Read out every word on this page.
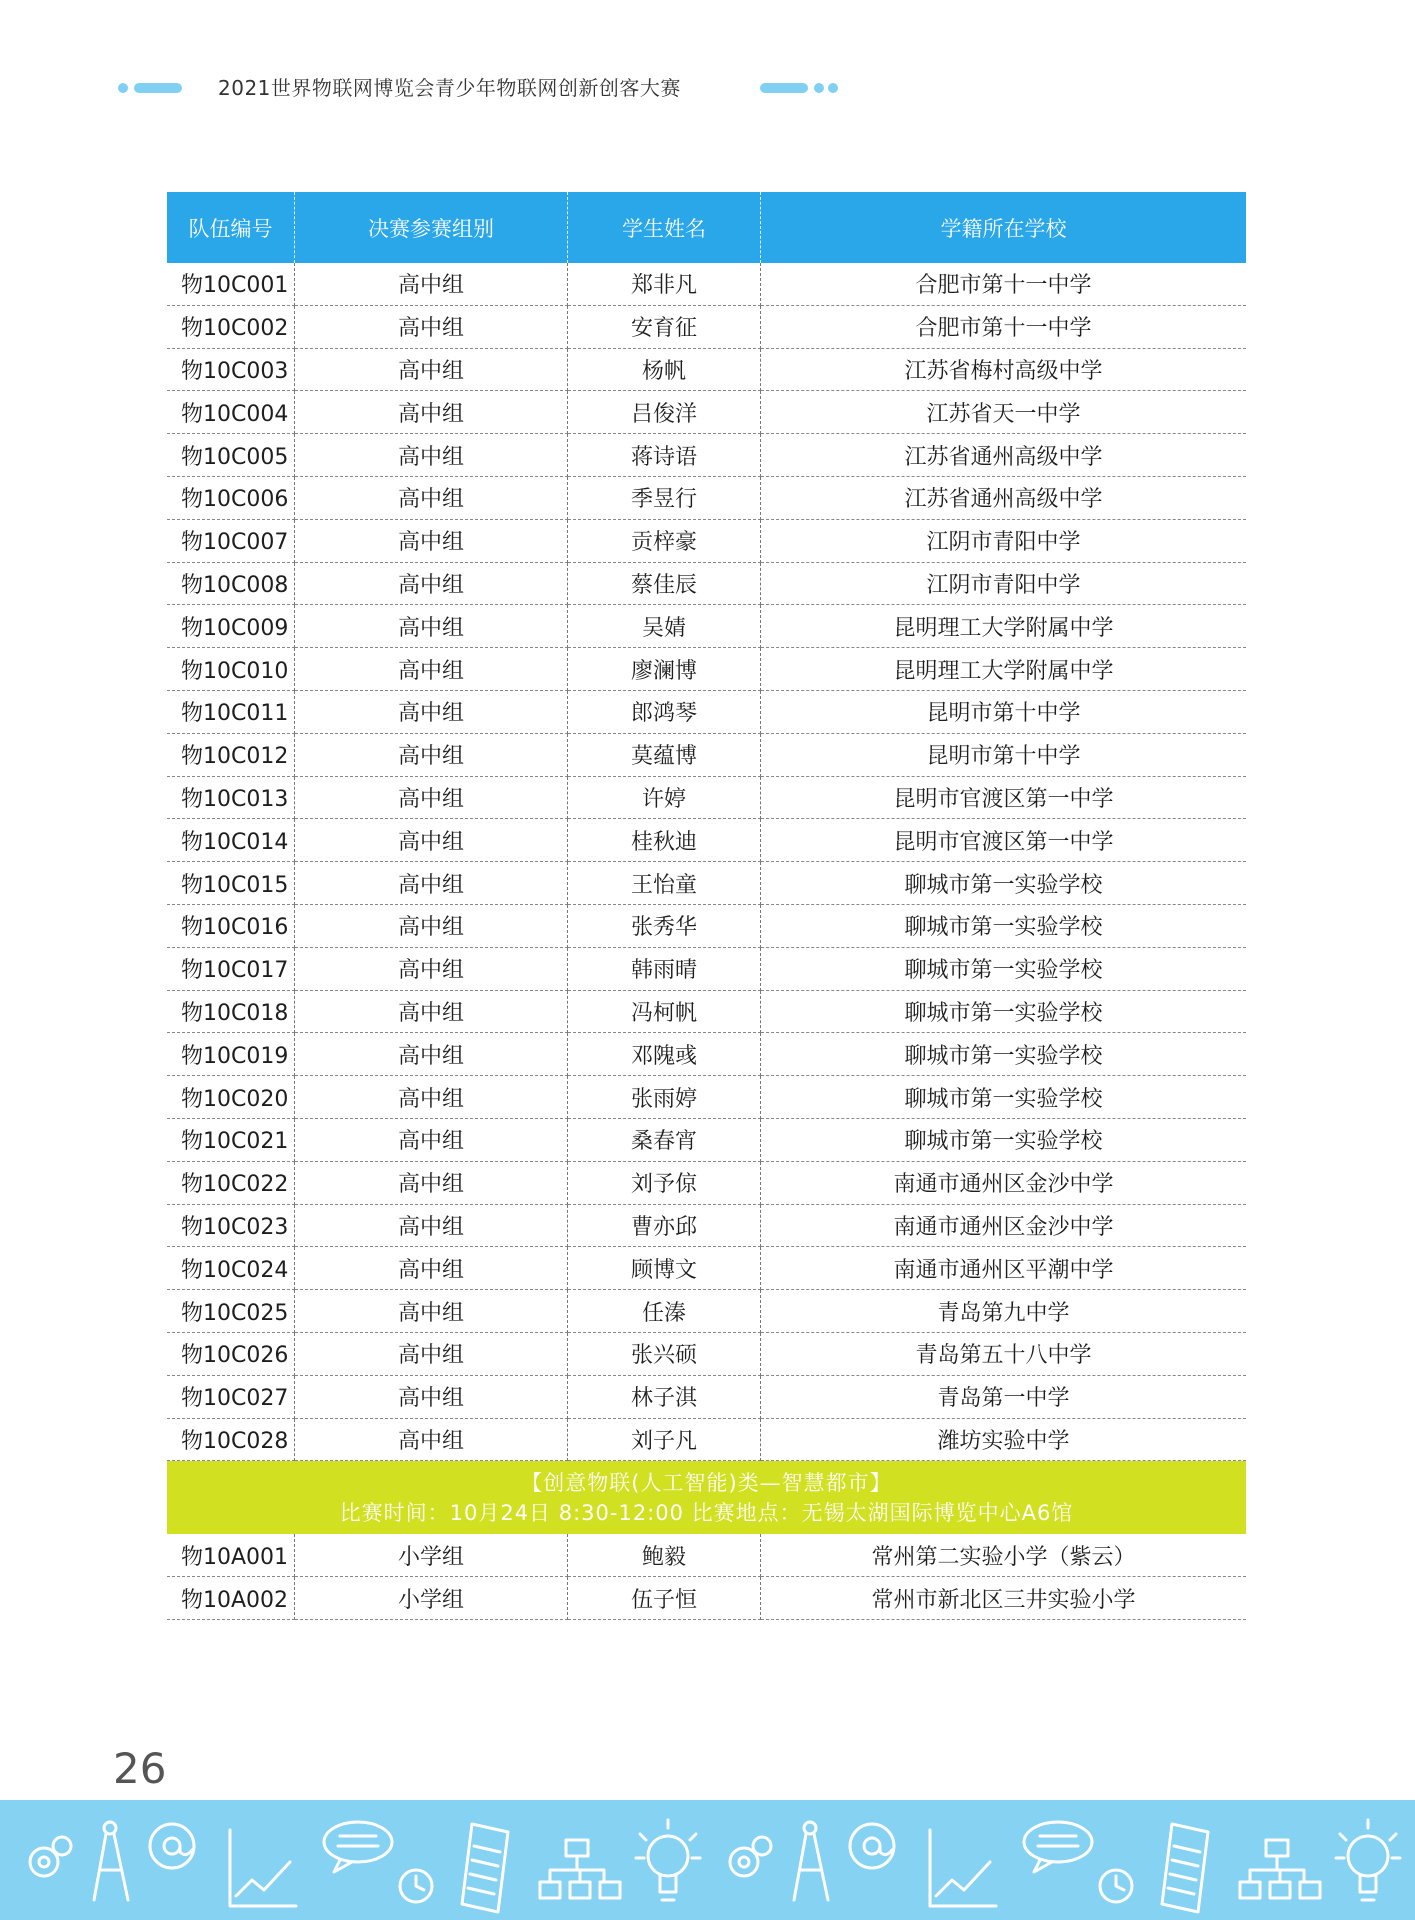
2021世界物联网博览会青少年物联网创新创客大赛
队伍编号	决赛参赛组别	学生姓名	学籍所在学校
物10C001	高中组	郑非凡	合肥市第十一中学
物10C002	高中组	安育征	合肥市第十一中学
物10C003	高中组	杨帆	江苏省梅村高级中学
物10C004	高中组	吕俊洋	江苏省天一中学
物10C005	高中组	蒋诗语	江苏省通州高级中学
物10C006	高中组	季昱行	江苏省通州高级中学
物10C007	高中组	贡梓豪	江阴市青阳中学
物10C008	高中组	蔡佳辰	江阴市青阳中学
物10C009	高中组	吴婧	昆明理工大学附属中学
物10C010	高中组	廖澜博	昆明理工大学附属中学
物10C011	高中组	郎鸿琴	昆明市第十中学
物10C012	高中组	莫蕴博	昆明市第十中学
物10C013	高中组	许婷	昆明市官渡区第一中学
物10C014	高中组	桂秋迪	昆明市官渡区第一中学
物10C015	高中组	王怡童	聊城市第一实验学校
物10C016	高中组	张秀华	聊城市第一实验学校
物10C017	高中组	韩雨晴	聊城市第一实验学校
物10C018	高中组	冯柯帆	聊城市第一实验学校
物10C019	高中组	邓隗彧	聊城市第一实验学校
物10C020	高中组	张雨婷	聊城市第一实验学校
物10C021	高中组	桑春宵	聊城市第一实验学校
物10C022	高中组	刘予倞	南通市通州区金沙中学
物10C023	高中组	曹亦邱	南通市通州区金沙中学
物10C024	高中组	顾博文	南通市通州区平潮中学
物10C025	高中组	任溱	青岛第九中学
物10C026	高中组	张兴硕	青岛第五十八中学
物10C027	高中组	林子淇	青岛第一中学
物10C028	高中组	刘子凡	潍坊实验中学
【创意物联(人工智能)类—智慧都市】
比赛时间：10月24日 8:30-12:00 比赛地点：无锡太湖国际博览中心A6馆
物10A001	小学组	鲍毅	常州第二实验小学（紫云）
物10A002	小学组	伍子恒	常州市新北区三井实验小学
26
